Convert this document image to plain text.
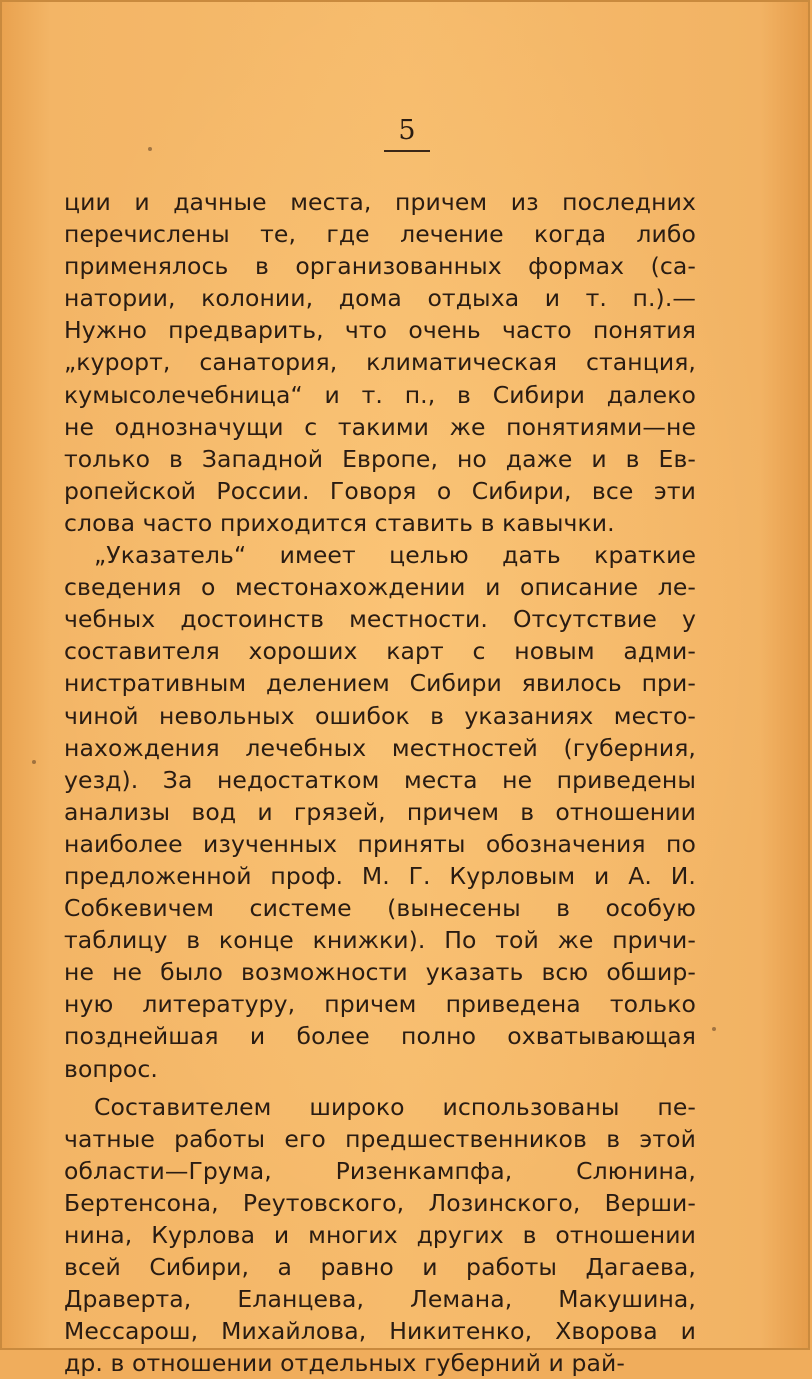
5

ции и дачные места, причем из последних
перечислены те, где лечение когда либо
применялось в организованных формах (са-
натории, колонии, дома отдыха и т. п.).—
Нужно предварить, что очень часто понятия
„курорт, санатория, климатическая станция,
кумысолечебница“ и т. п., в Сибири далеко
не однозначущи с такими же понятиями—не
только в Западной Европе, но даже и в Ев-
ропейской России. Говоря о Сибири, все эти
слова часто приходится ставить в кавычки.

„Указатель“ имеет целью дать краткие
сведения о местонахождении и описание ле-
чебных достоинств местности. Отсутствие у
составителя хороших карт с новым адми-
нистративным делением Сибири явилось при-
чиной невольных ошибок в указаниях место-
нахождения лечебных местностей (губерния,
уезд). За недостатком места не приведены
анализы вод и грязей, причем в отношении
наиболее изученных приняты обозначения по
предложенной проф. М. Г. Курловым и А. И.
Собкевичем системе (вынесены в особую
таблицу в конце книжки). По той же причи-
не не было возможности указать всю обшир-
ную литературу, причем приведена только
позднейшая и более полно охватывающая
вопрос.

Составителем широко использованы пе-
чатные работы его предшественников в этой
области—Грума, Ризенкампфа, Слюнина,
Бертенсона, Реутовского, Лозинского, Верши-
нина, Курлова и многих других в отношении
всей Сибири, а равно и работы Дагаева,
Драверта, Еланцева, Лемана, Макушина,
Мессарош, Михайлова, Никитенко, Хворова и
др. в отношении отдельных губерний и рай-
